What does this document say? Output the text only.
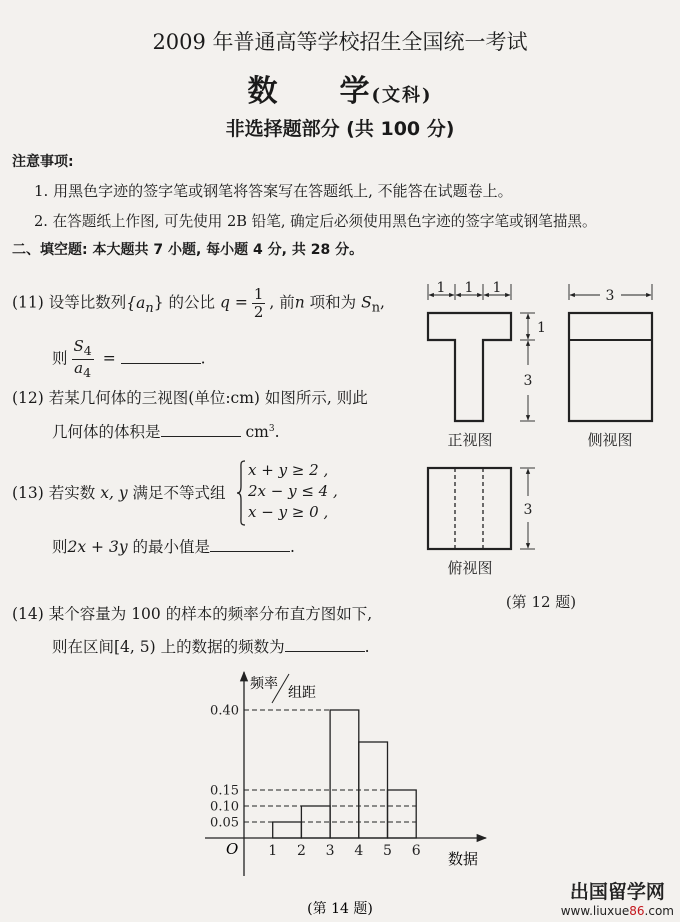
2009 年普通高等学校招生全国统一考试
数 学(文科)
非选择题部分 (共 100 分)
注意事项:
1. 用黑色字迹的签字笔或钢笔将答案写在答题纸上, 不能答在试题卷上。
2. 在答题纸上作图, 可先使用 2B 铅笔, 确定后必须使用黑色字迹的签字笔或钢笔描黑。
二、填空题: 本大题共 7 小题, 每小题 4 分, 共 28 分。
(11) 设等比数列$\{a_n\}$ 的公比 $q = \frac{1}{2}$ , 前n 项和为 $S_n$,
则 $\frac{S_4}{a_4}$ =	.
(12) 若某几何体的三视图(单位:cm) 如图所示, 则此
几何体的体积是	$cm^3$.
(13) 若实数 x, y 满足不等式组
x + y ≥ 2 ,
2x − y ≤ 4 ,
x − y ≥ 0 ,
则2x + 3y 的最小值是	.
(14) 某个容量为 100 的样本的频率分布直方图如下,
则在区间[4, 5) 上的数据的频数为	.
1 1 1	3
1
3
3
正视图	侧视图
俯视图
(第 12 题)
1 2 3 4 5 6
0.05
0.10
0.15
0.40
频率
组距
数据
O
(第 14 题)
出国留学网
www.liuxue86.com
